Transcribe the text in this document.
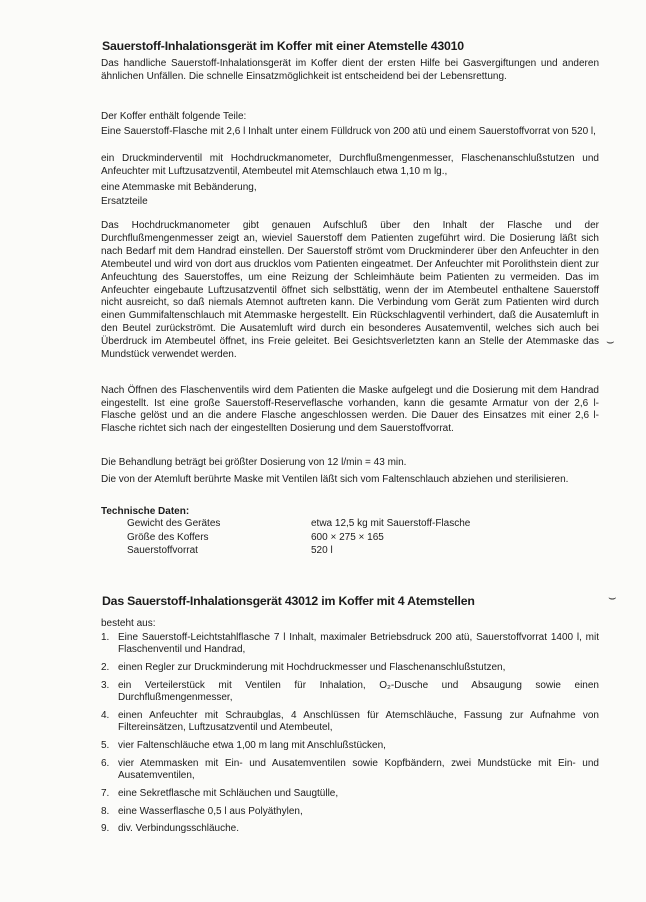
Sauerstoff-Inhalationsgerät im Koffer mit einer Atemstelle 43010

Das handliche Sauerstoff-Inhalationsgerät im Koffer dient der ersten Hilfe bei Gasvergiftungen und anderen ähnlichen Unfällen. Die schnelle Einsatzmöglichkeit ist entscheidend bei der Lebensrettung.

Der Koffer enthält folgende Teile:

Eine Sauerstoff-Flasche mit 2,6 l Inhalt unter einem Fülldruck von 200 atü und einem Sauerstoffvorrat von 520 l,

ein Druckminderventil mit Hochdruckmanometer, Durchflußmengenmesser, Flaschenanschlußstutzen und Anfeuchter mit Luftzusatzventil, Atembeutel mit Atemschlauch etwa 1,10 m lg.,

eine Atemmaske mit Bebänderung,

Ersatzteile

Das Hochdruckmanometer gibt genauen Aufschluß über den Inhalt der Flasche und der Durchflußmengenmesser zeigt an, wieviel Sauerstoff dem Patienten zugeführt wird. Die Dosierung läßt sich nach Bedarf mit dem Handrad einstellen. Der Sauerstoff strömt vom Druckminderer über den Anfeuchter in den Atembeutel und wird von dort aus drucklos vom Patienten eingeatmet. Der Anfeuchter mit Porolithstein dient zur Anfeuchtung des Sauerstoffes, um eine Reizung der Schleimhäute beim Patienten zu vermeiden. Das im Anfeuchter eingebaute Luftzusatzventil öffnet sich selbsttätig, wenn der im Atembeutel enthaltene Sauerstoff nicht ausreicht, so daß niemals Atemnot auftreten kann. Die Verbindung vom Gerät zum Patienten wird durch einen Gummifaltenschlauch mit Atemmaske hergestellt. Ein Rückschlagventil verhindert, daß die Ausatemluft in den Beutel zurückströmt. Die Ausatemluft wird durch ein besonderes Ausatemventil, welches sich auch bei Überdruck im Atembeutel öffnet, ins Freie geleitet. Bei Gesichtsverletzten kann an Stelle der Atemmaske das Mundstück verwendet werden.

Nach Öffnen des Flaschenventils wird dem Patienten die Maske aufgelegt und die Dosierung mit dem Handrad eingestellt. Ist eine große Sauerstoff-Reserveflasche vorhanden, kann die gesamte Armatur von der 2,6 l-Flasche gelöst und an die andere Flasche angeschlossen werden. Die Dauer des Einsatzes mit einer 2,6 l-Flasche richtet sich nach der eingestellten Dosierung und dem Sauerstoffvorrat.

Die Behandlung beträgt bei größter Dosierung von 12 l/min = 43 min.

Die von der Atemluft berührte Maske mit Ventilen läßt sich vom Faltenschlauch abziehen und sterilisieren.

Technische Daten:

Gewicht des Gerätes	etwa 12,5 kg mit Sauerstoff-Flasche
Größe des Koffers	600 × 275 × 165
Sauerstoffvorrat	520 l
Das Sauerstoff-Inhalationsgerät 43012 im Koffer mit 4 Atemstellen

besteht aus:

1. Eine Sauerstoff-Leichtstahlflasche 7 l Inhalt, maximaler Betriebsdruck 200 atü, Sauerstoffvorrat 1400 l, mit Flaschenventil und Handrad,
2. einen Regler zur Druckminderung mit Hochdruckmesser und Flaschenanschlußstutzen,
3. ein Verteilerstück mit Ventilen für Inhalation, O₂-Dusche und Absaugung sowie einen Durchflußmengenmesser,
4. einen Anfeuchter mit Schraubglas, 4 Anschlüssen für Atemschläuche, Fassung zur Aufnahme von Filtereinsätzen, Luftzusatzventil und Atembeutel,
5. vier Faltenschläuche etwa 1,00 m lang mit Anschlußstücken,
6. vier Atemmasken mit Ein- und Ausatemventilen sowie Kopfbändern, zwei Mundstücke mit Ein- und Ausatemventilen,
7. eine Sekretflasche mit Schläuchen und Saugtülle,
8. eine Wasserflasche 0,5 l aus Polyäthylen,
9. div. Verbindungsschläuche.
⌣
⌣
